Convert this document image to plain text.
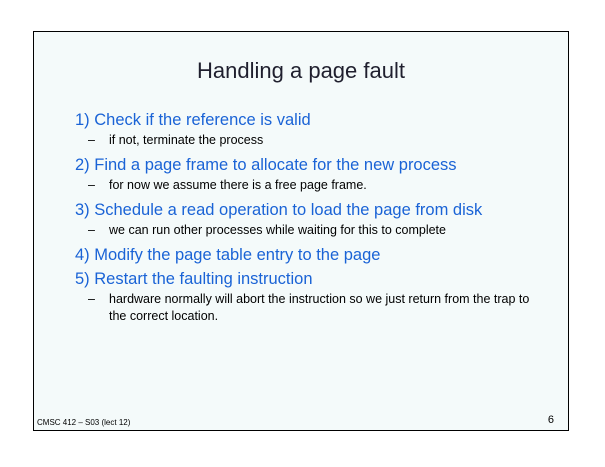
Handling a page fault
1) Check if the reference is valid
–	if not, terminate the process
2) Find a page frame to allocate for the new process
–	for now we assume there is a free page frame.
3) Schedule a read operation to load the page from disk
–	we can run other processes while waiting for this to complete
4) Modify the page table entry to the page
5) Restart the faulting instruction
–	hardware normally will abort the instruction so we just return from the trap to the correct location.
CMSC 412 – S03 (lect 12)	6
